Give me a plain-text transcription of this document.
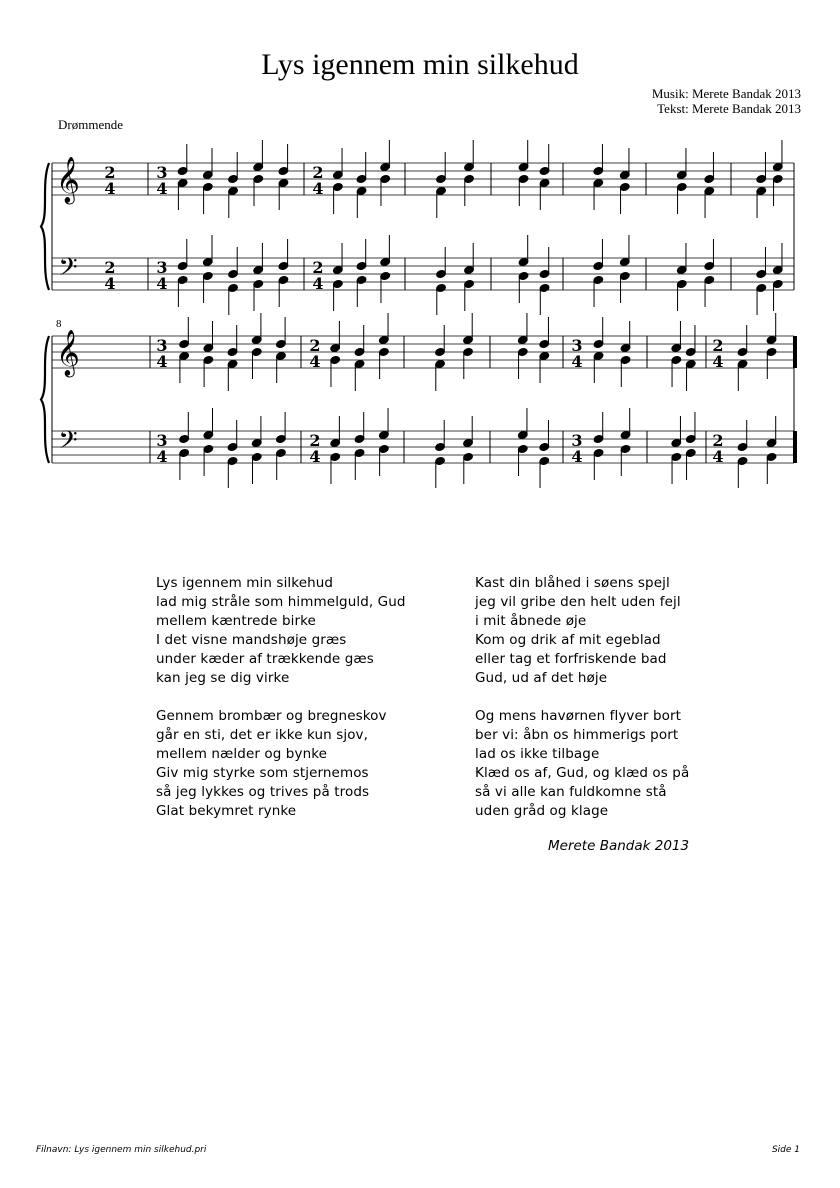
Lys igennem min silkehud
Musik: Merete Bandak 2013
Tekst: Merete Bandak 2013
Drømmende
8
𝄞
𝄢
2
4
2
4
3
4
3
4
2
4
2
4
𝄞
𝄢
3
4
3
4
2
4
2
4
3
4
3
4
2
4
2
4
Lys igennem min silkehud
lad mig stråle som himmelguld, Gud
mellem kæntrede birke
I det visne mandshøje græs
under kæder af trækkende gæs
kan jeg se dig virke
Gennem brombær og bregneskov
går en sti, det er ikke kun sjov,
mellem nælder og bynke
Giv mig styrke som stjernemos
så jeg lykkes og trives på trods
Glat bekymret rynke
Kast din blåhed i søens spejl
jeg vil gribe den helt uden fejl
i mit åbnede øje
Kom og drik af mit egeblad
eller tag et forfriskende bad
Gud, ud af det høje
Og mens havørnen flyver bort
ber vi: åbn os himmerigs port
lad os ikke tilbage
Klæd os af, Gud, og klæd os på
så vi alle kan fuldkomne stå
uden gråd og klage
Merete Bandak 2013
Filnavn: Lys igennem min silkehud.pri	Side 1
